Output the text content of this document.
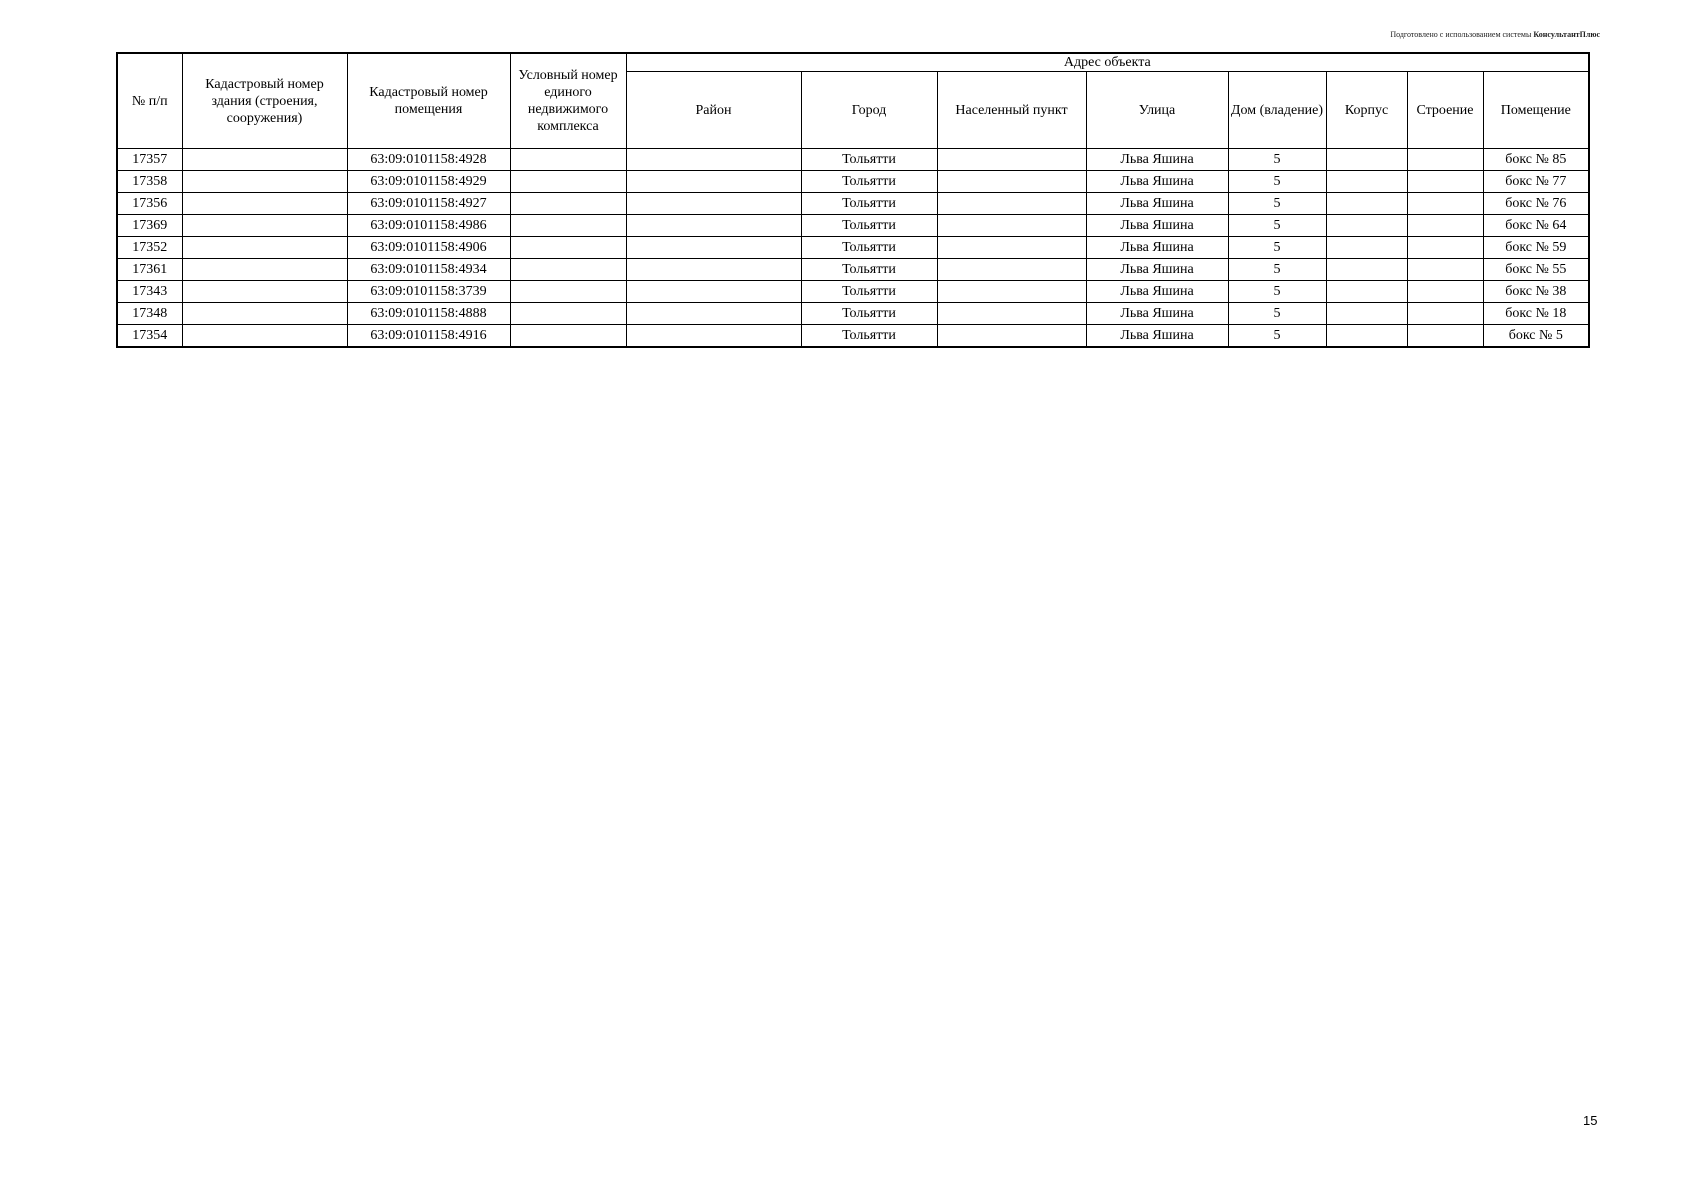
Подготовлено с использованием системы КонсультантПлюс
№ п/п	Кадастровый номер здания (строения, сооружения)	Кадастровый номер помещения	Условный номер единого недвижимого комплекса	Адрес объекта							
				Район	Город	Населенный пункт	Улица	Дом (владение)	Корпус	Строение	Помещение
17357		63:09:0101158:4928			Тольятти		Льва Яшина	5			бокс № 85
17358		63:09:0101158:4929			Тольятти		Льва Яшина	5			бокс № 77
17356		63:09:0101158:4927			Тольятти		Льва Яшина	5			бокс № 76
17369		63:09:0101158:4986			Тольятти		Льва Яшина	5			бокс № 64
17352		63:09:0101158:4906			Тольятти		Льва Яшина	5			бокс № 59
17361		63:09:0101158:4934			Тольятти		Льва Яшина	5			бокс № 55
17343		63:09:0101158:3739			Тольятти		Льва Яшина	5			бокс № 38
17348		63:09:0101158:4888			Тольятти		Льва Яшина	5			бокс № 18
17354		63:09:0101158:4916			Тольятти		Льва Яшина	5			бокс № 5
15
